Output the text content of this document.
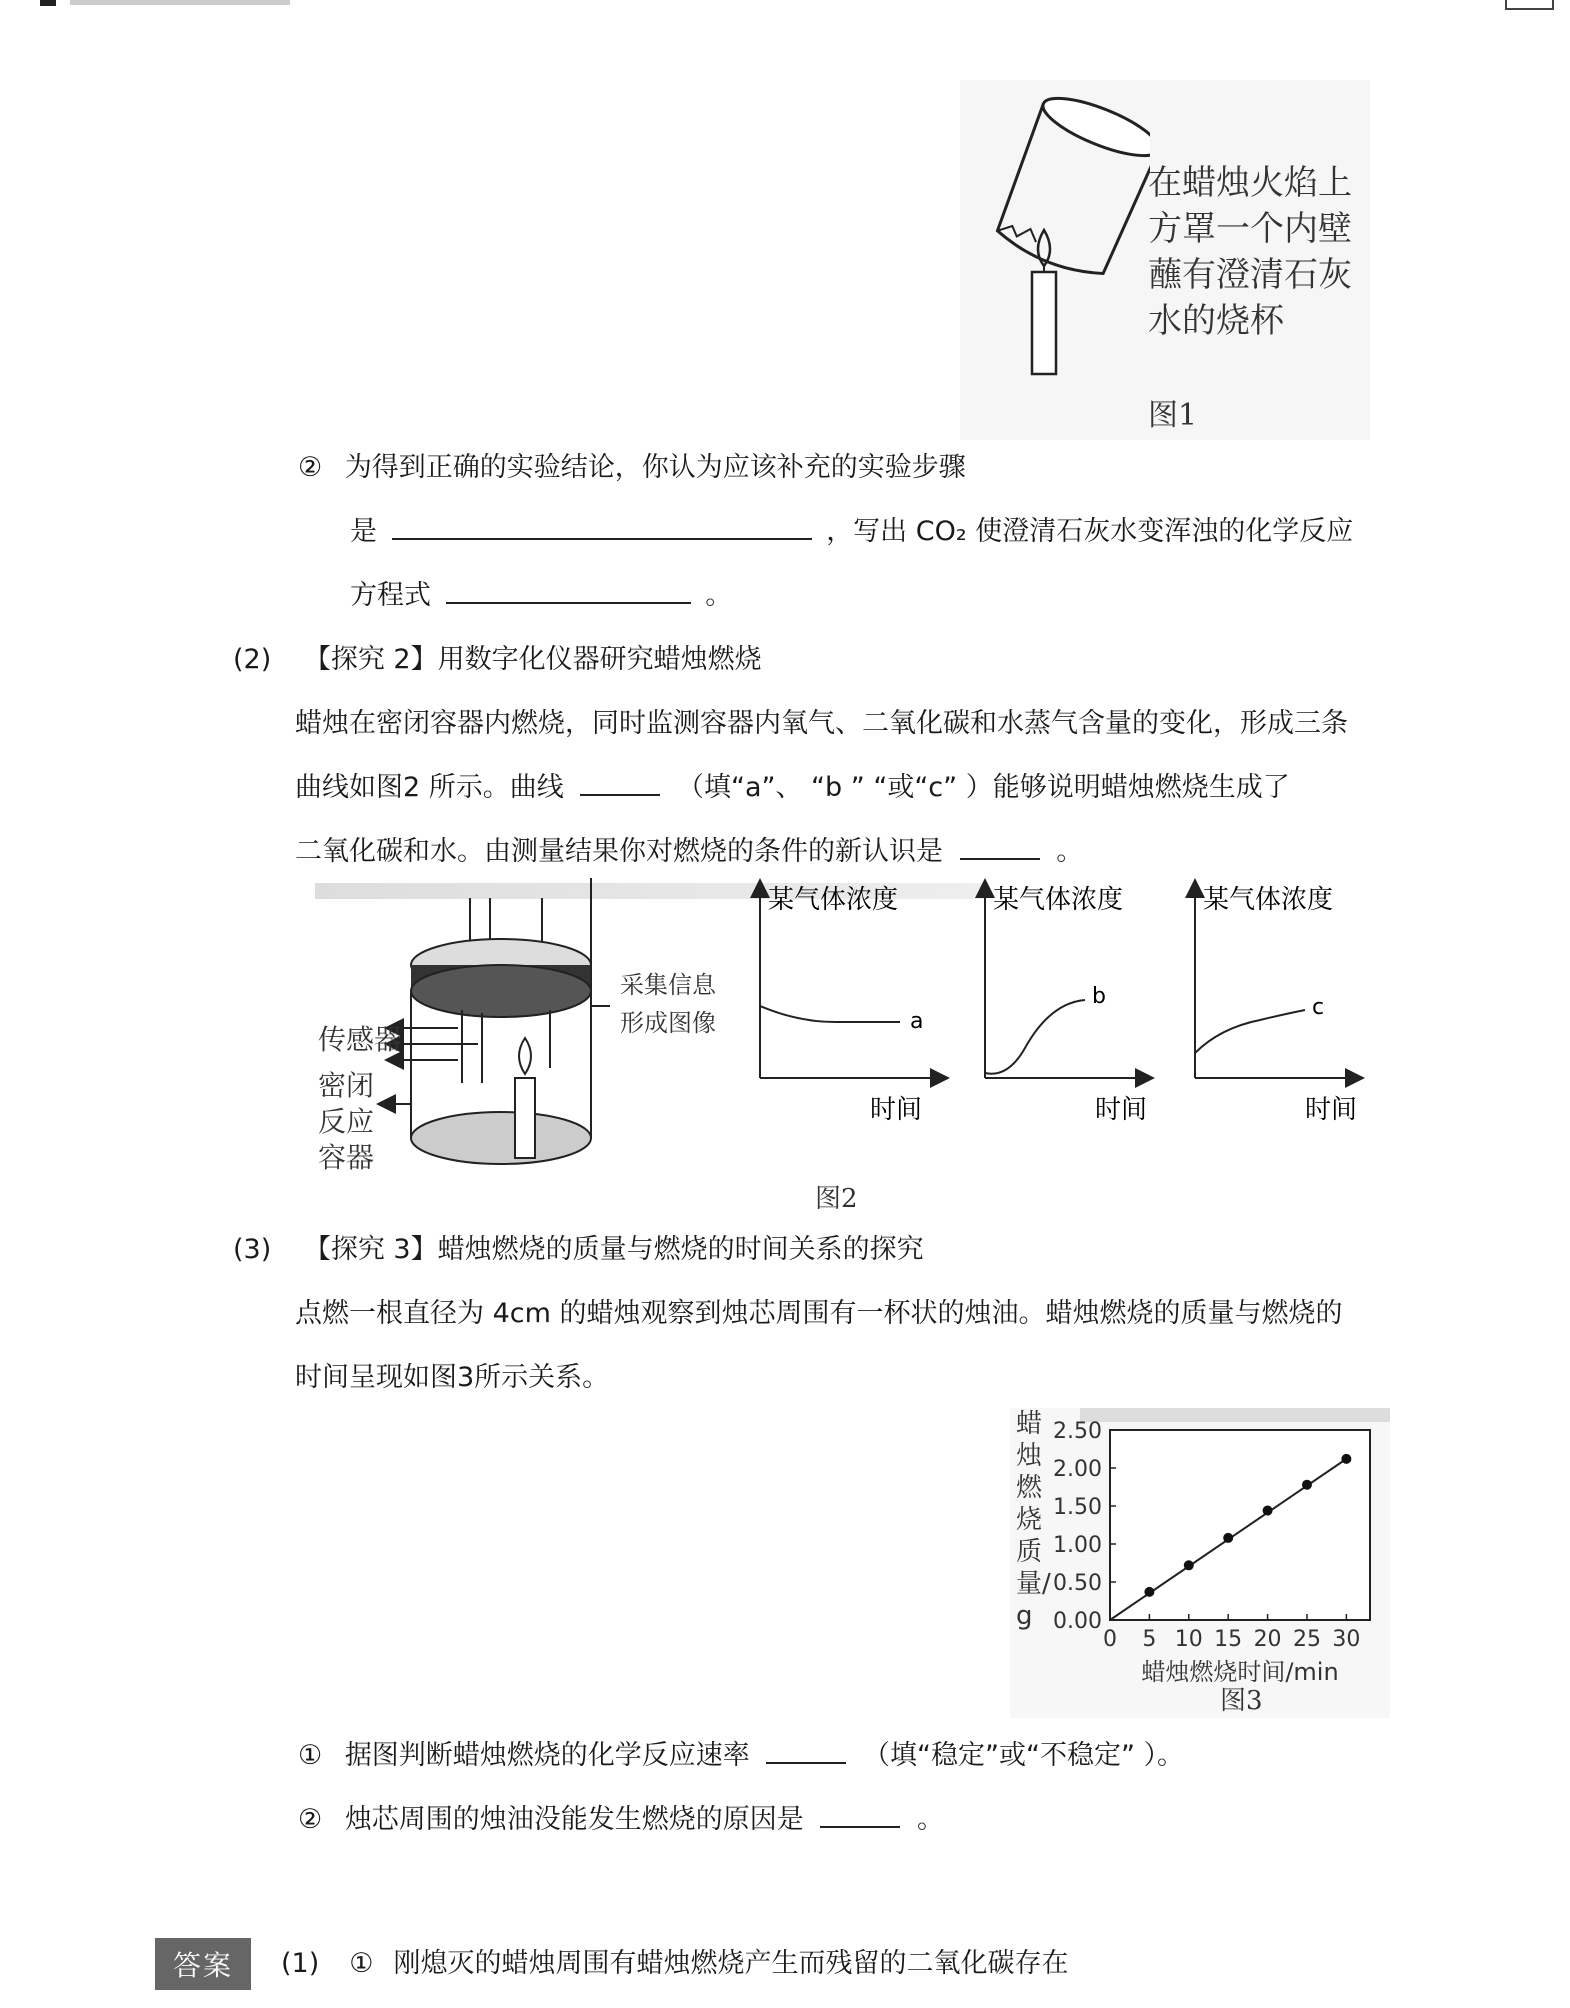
在蜡烛火焰上
方罩一个内壁
蘸有澄清石灰
水的烧杯
图1
② 为得到正确的实验结论，你认为应该补充的实验步骤
是	，写出 CO₂ 使澄清石灰水变浑浊的化学反应
方程式	。
(2) 【探究 2】用数字化仪器研究蜡烛燃烧
蜡烛在密闭容器内燃烧，同时监测容器内氧气、二氧化碳和水蒸气含量的变化，形成三条
曲线如图2 所示。曲线	（填“a”、 “b ” “或“c” ）能够说明蜡烛燃烧生成了
二氧化碳和水。由测量结果你对燃烧的条件的新认识是	。
传感器
密闭
反应
容器
采集信息
形成图像	a
某气体浓度
时间
b
某气体浓度
时间
c
某气体浓度
时间
图2
(3) 【探究 3】蜡烛燃烧的质量与燃烧的时间关系的探究
点燃一根直径为 4cm 的蜡烛观察到烛芯周围有一杯状的烛油。蜡烛燃烧的质量与燃烧的
时间呈现如图3所示关系。
蜡烛燃烧质量/g 0.00
0.50
1.00
1.50
2.00
2.50
0 5 10 15 20 25 30
蜡烛燃烧时间/min
图3
① 据图判断蜡烛燃烧的化学反应速率	（填“稳定”或“不稳定” ）。
② 烛芯周围的烛油没能发生燃烧的原因是	。
答案	(1) ① 刚熄灭的蜡烛周围有蜡烛燃烧产生而残留的二氧化碳存在
